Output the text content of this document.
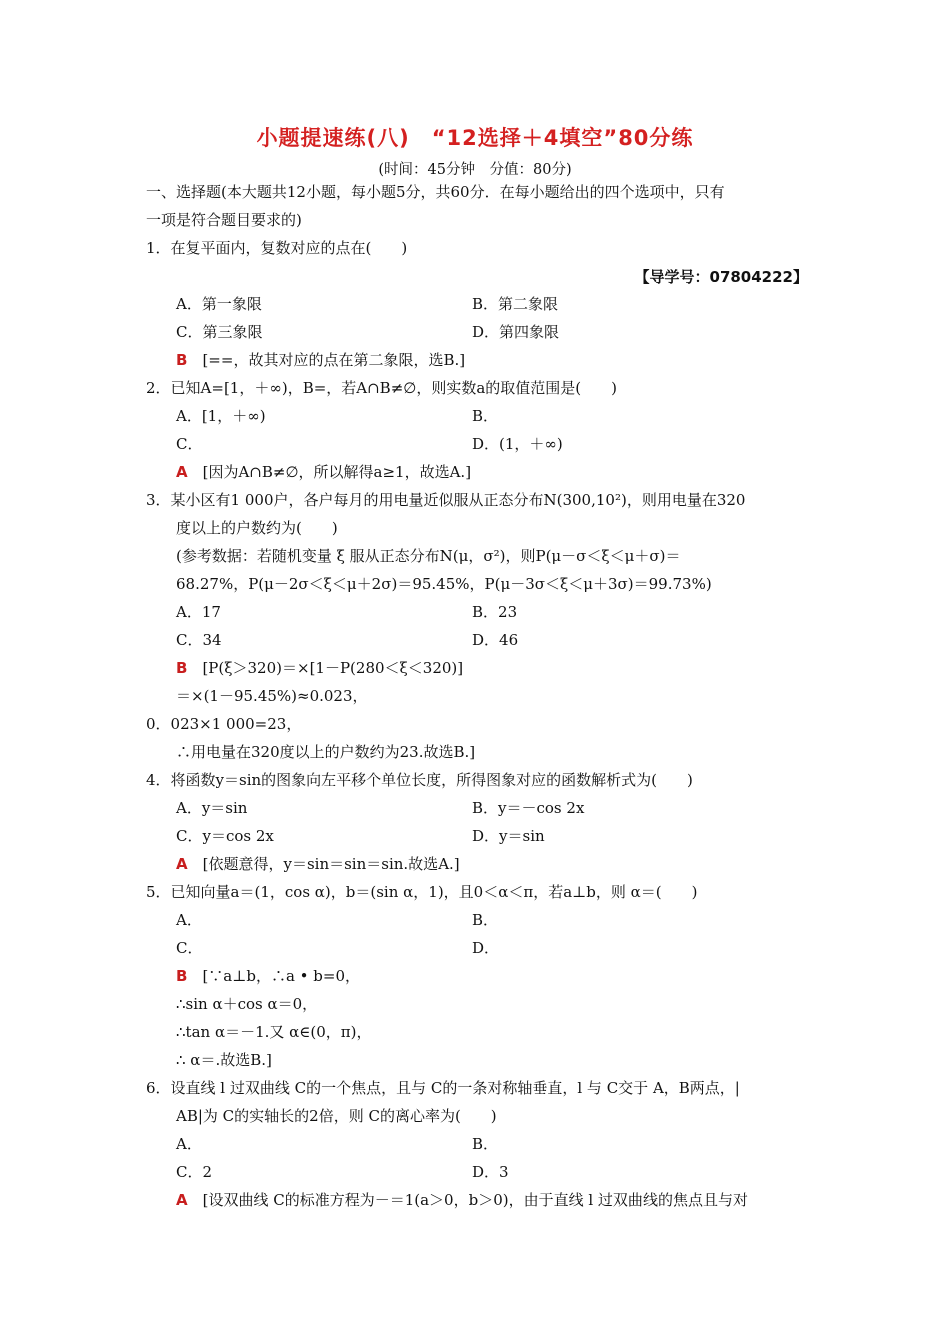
小题提速练(八)　“12选择＋4填空”80分练
(时间：45分钟　分值：80分)
一、选择题(本大题共12小题，每小题5分，共60分．在每小题给出的四个选项中，只有
一项是符合题目要求的)
1．在复平面内，复数对应的点在(　　)
【导学号：07804222】
A．第一象限	B．第二象限
C．第三象限	D．第四象限
B　 [==，故其对应的点在第二象限，选B.]
2．已知A=[1，＋∞)，B=，若A∩B≠∅，则实数a的取值范围是(　　)
A．[1，＋∞)	B．
C．	D．(1，＋∞)
A　 [因为A∩B≠∅，所以解得a≥1，故选A.]
3．某小区有1 000户，各户每月的用电量近似服从正态分布N(300,10²)，则用电量在320
度以上的户数约为(　　)
(参考数据：若随机变量 ξ 服从正态分布N(μ，σ²)，则P(μ－σ＜ξ＜μ＋σ)＝
68.27%，P(μ－2σ＜ξ＜μ＋2σ)＝95.45%，P(μ－3σ＜ξ＜μ＋3σ)＝99.73%)
A．17	B．23
C．34	D．46
B　 [P(ξ＞320)＝×[1－P(280＜ξ＜320)]
＝×(1－95.45%)≈0.023，
0．023×1 000=23，
∴用电量在320度以上的户数约为23.故选B.]
4．将函数y＝sin的图象向左平移个单位长度，所得图象对应的函数解析式为(　　)
A．y＝sin	B．y＝－cos 2x
C．y＝cos 2x	D．y＝sin
A　 [依题意得，y＝sin＝sin＝sin.故选A.]
5．已知向量a＝(1，cos α)，b＝(sin α，1)，且0＜α＜π，若a⊥b，则 α＝(　　)
A．	B．
C．	D．
B　 [∵a⊥b，∴a • b=0，
∴sin α＋cos α＝0，
∴tan α＝－1.又 α∈(0，π)，
∴ α＝.故选B.]
6．设直线 l 过双曲线 C的一个焦点，且与 C的一条对称轴垂直，l 与 C交于 A，B两点，|
AB|为 C的实轴长的2倍，则 C的离心率为(　　)
A．	B．
C．2	D．3
A　 [设双曲线 C的标准方程为－＝1(a＞0，b＞0)，由于直线 l 过双曲线的焦点且与对
